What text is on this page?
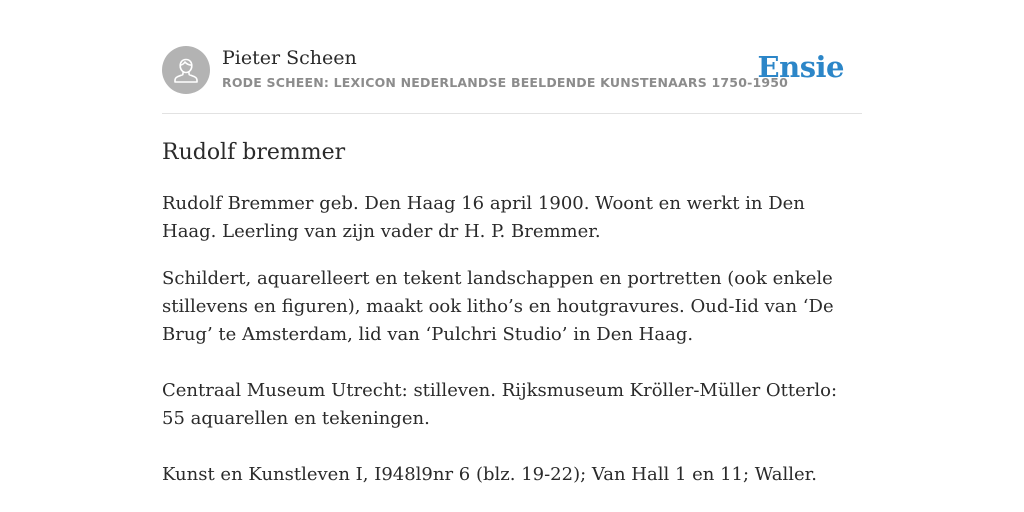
Pieter Scheen
RODE SCHEEN: LEXICON NEDERLANDSE BEELDENDE KUNSTENAARS 1750-1950
Ensie
Rudolf bremmer

Rudolf Bremmer geb. Den Haag 16 april 1900. Woont en werkt in Den Haag. Leerling van zijn vader dr H. P. Bremmer.

Schildert, aquarelleert en tekent landschappen en portretten (ook enkele stillevens en figuren), maakt ook litho’s en houtgravures. Oud-Iid van ‘De Brug’ te Amsterdam, lid van ‘Pulchri Studio’ in Den Haag.

Centraal Museum Utrecht: stilleven. Rijksmuseum Kröller-Müller Otterlo: 55 aquarellen en tekeningen.

Kunst en Kunstleven I, I948l9nr 6 (blz. 19-22); Van Hall 1 en 11; Waller.
